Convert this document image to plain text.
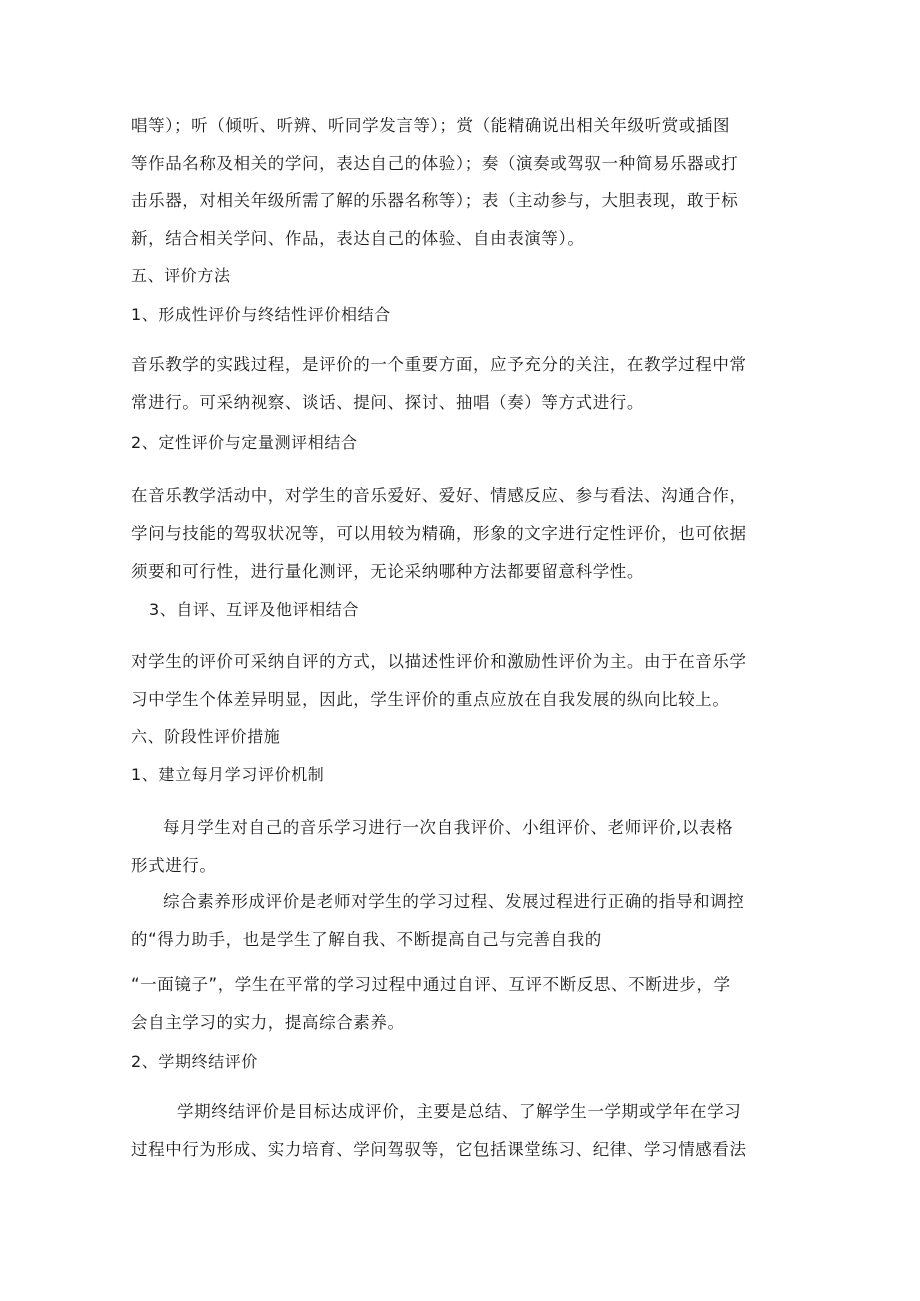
唱等）；听（倾听、听辨、听同学发言等）；赏（能精确说出相关年级听赏或插图
等作品名称及相关的学问，表达自己的体验）；奏（演奏或驾驭一种简易乐器或打
击乐器，对相关年级所需了解的乐器名称等）；表（主动参与，大胆表现，敢于标
新，结合相关学问、作品，表达自己的体验、自由表演等）。
五、评价方法
1、形成性评价与终结性评价相结合
音乐教学的实践过程，是评价的一个重要方面，应予充分的关注，在教学过程中常
常进行。可采纳视察、谈话、提问、探讨、抽唱（奏）等方式进行。
2、定性评价与定量测评相结合
在音乐教学活动中，对学生的音乐爱好、爱好、情感反应、参与看法、沟通合作，
学问与技能的驾驭状况等，可以用较为精确，形象的文字进行定性评价，也可依据
须要和可行性，进行量化测评，无论采纳哪种方法都要留意科学性。
3、自评、互评及他评相结合
对学生的评价可采纳自评的方式，以描述性评价和激励性评价为主。由于在音乐学
习中学生个体差异明显，因此，学生评价的重点应放在自我发展的纵向比较上。
六、阶段性评价措施
1、建立每月学习评价机制
每月学生对自己的音乐学习进行一次自我评价、小组评价、老师评价,以表格
形式进行。
综合素养形成评价是老师对学生的学习过程、发展过程进行正确的指导和调控
的“得力助手，也是学生了解自我、不断提高自己与完善自我的
“一面镜子”，学生在平常的学习过程中通过自评、互评不断反思、不断进步，学
会自主学习的实力，提高综合素养。
2、学期终结评价
学期终结评价是目标达成评价，主要是总结、了解学生一学期或学年在学习
过程中行为形成、实力培育、学问驾驭等，它包括课堂练习、纪律、学习情感看法
